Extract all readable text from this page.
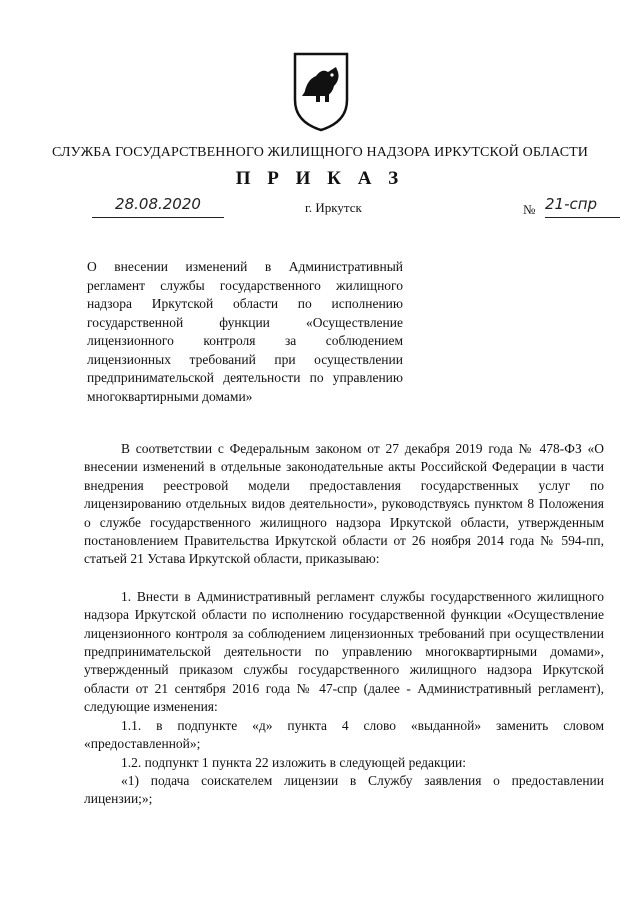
СЛУЖБА ГОСУДАРСТВЕННОГО ЖИЛИЩНОГО НАДЗОРА ИРКУТСКОЙ ОБЛАСТИ
П Р И К А З
28.08.2020	г. Иркутск	№ 21-спр
О внесении изменений в Административный регламент службы государственного жилищного надзора Иркутской области по исполнению государственной функции «Осуществление лицензионного контроля за соблюдением лицензионных требований при осуществлении предпринимательской деятельности по управлению многоквартирными домами»

В соответствии с Федеральным законом от 27 декабря 2019 года № 478-ФЗ «О внесении изменений в отдельные законодательные акты Российской Федерации в части внедрения реестровой модели предоставления государственных услуг по лицензированию отдельных видов деятельности», руководствуясь пунктом 8 Положения о службе государственного жилищного надзора Иркутской области, утвержденным постановлением Правительства Иркутской области от 26 ноября 2014 года № 594-пп, статьей 21 Устава Иркутской области, приказываю:

1. Внести в Административный регламент службы государственного жилищного надзора Иркутской области по исполнению государственной функции «Осуществление лицензионного контроля за соблюдением лицензионных требований при осуществлении предпринимательской деятельности по управлению многоквартирными домами», утвержденный приказом службы государственного жилищного надзора Иркутской области от 21 сентября 2016 года № 47-спр (далее - Административный регламент), следующие изменения:

1.1. в подпункте «д» пункта 4 слово «выданной» заменить словом «предоставленной»;

1.2. подпункт 1 пункта 22 изложить в следующей редакции:

«1) подача соискателем лицензии в Службу заявления о предоставлении лицензии;»;
